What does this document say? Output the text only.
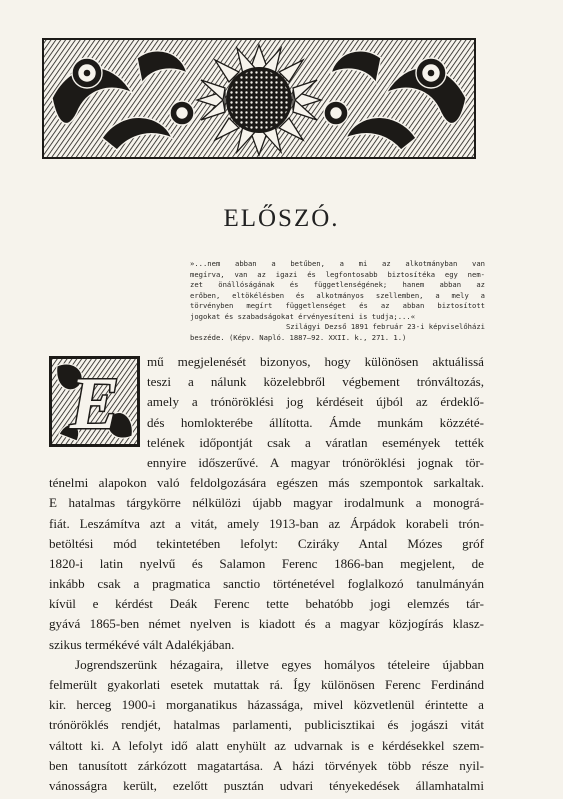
ELŐSZÓ.
»...nem abban a betűben, a mi az alkotmányban van
megírva, van az igazi és legfontosabb biztosítéka egy nem-
zet önállóságának és függetlenségének; hanem abban az
erőben, eltökélésben és alkotmányos szellemben, a mely a
törvényben megírt függetlenséget és az abban biztosított
jogokat és szabadságokat érvényesíteni is tudja;...«
Szilágyi Dezső 1891 február 23-i képviselőházi
beszéde. (Képv. Napló. 1887—92. XXII. k., 271. 1.)
E
mű megjelenését bizonyos, hogy különösen aktuálissá
teszi a nálunk közelebbről végbement trónváltozás,
amely a trónöröklési jog kérdéseit újból az érdeklő-
dés homlokterébe állította. Ámde munkám közzété-
telének időpontját csak a váratlan események tették
ennyire időszerűvé. A magyar trónöröklési jognak tör-
ténelmi alapokon való feldolgozására egészen más szempontok sarkaltak.
E hatalmas tárgykörre nélkülözi újabb magyar irodalmunk a monográ-
fiát. Leszámítva azt a vitát, amely 1913-ban az Árpádok korabeli trón-
betöltési mód tekintetében lefolyt: Cziráky Antal Mózes gróf
1820-i latin nyelvű és Salamon Ferenc 1866-ban megjelent, de
inkább csak a pragmatica sanctio történetével foglalkozó tanulmányán
kívül e kérdést Deák Ferenc tette behatóbb jogi elemzés tár-
gyává 1865-ben német nyelven is kiadott és a magyar közjogírás klasz-
szikus termékévé vált Adalékjában.
Jogrendszerünk hézagaira, illetve egyes homályos tételeire újabban
felmerült gyakorlati esetek mutattak rá. Így különösen Ferenc Ferdinánd
kir. herceg 1900-i morganatikus házassága, mivel közvetlenül érintette a
trónöröklés rendjét, hatalmas parlamenti, publicisztikai és jogászi vitát
váltott ki. A lefolyt idő alatt enyhült az udvarnak is e kérdésekkel szem-
ben tanusított zárkózott magatartása. A házi törvények több része nyil-
vánosságra került, ezelőtt pusztán udvari tényekedések államhatalmi
